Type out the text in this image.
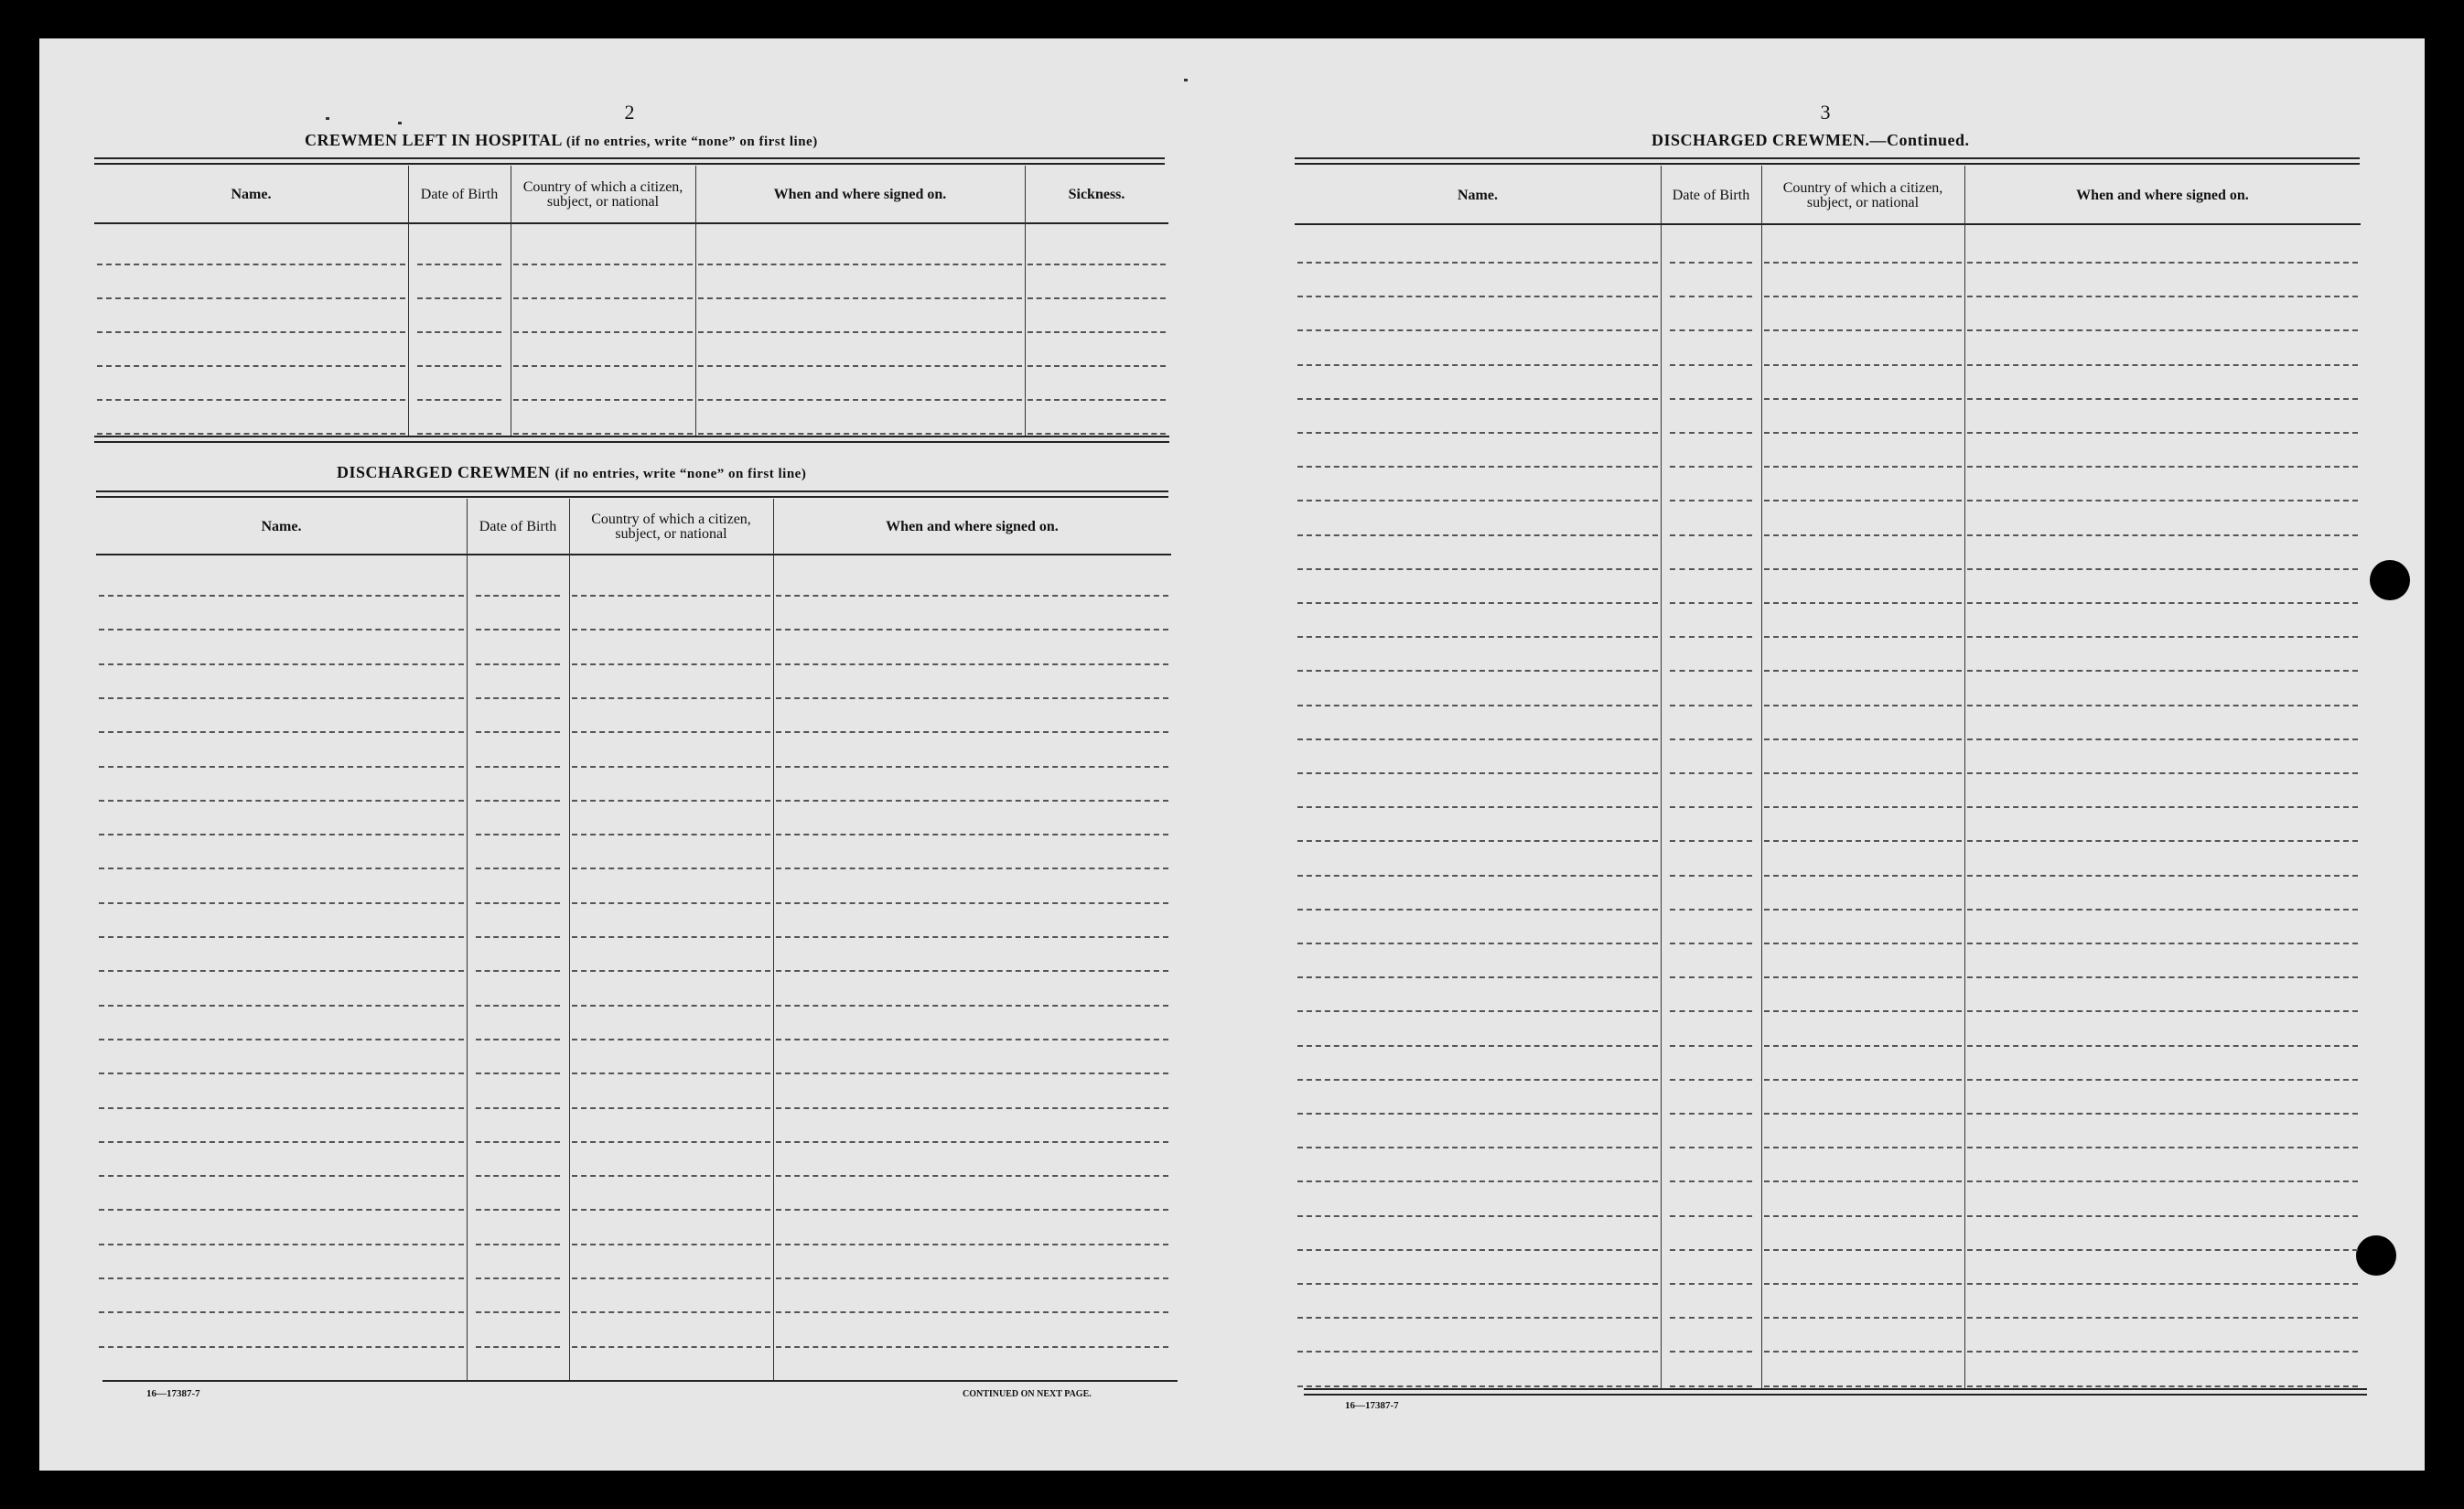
2
CREWMEN LEFT IN HOSPITAL (if no entries, write “none” on first line)
Name.	Date of Birth	Country of which a citizen, subject, or national	When and where signed on.	Sickness.
DISCHARGED CREWMEN (if no entries, write “none” on first line)
Name.	Date of Birth	Country of which a citizen, subject, or national	When and where signed on.
16—17387-7	CONTINUED ON NEXT PAGE.
3
DISCHARGED CREWMEN.—Continued.
Name.	Date of Birth	Country of which a citizen, subject, or national	When and where signed on.
16—17387-7
